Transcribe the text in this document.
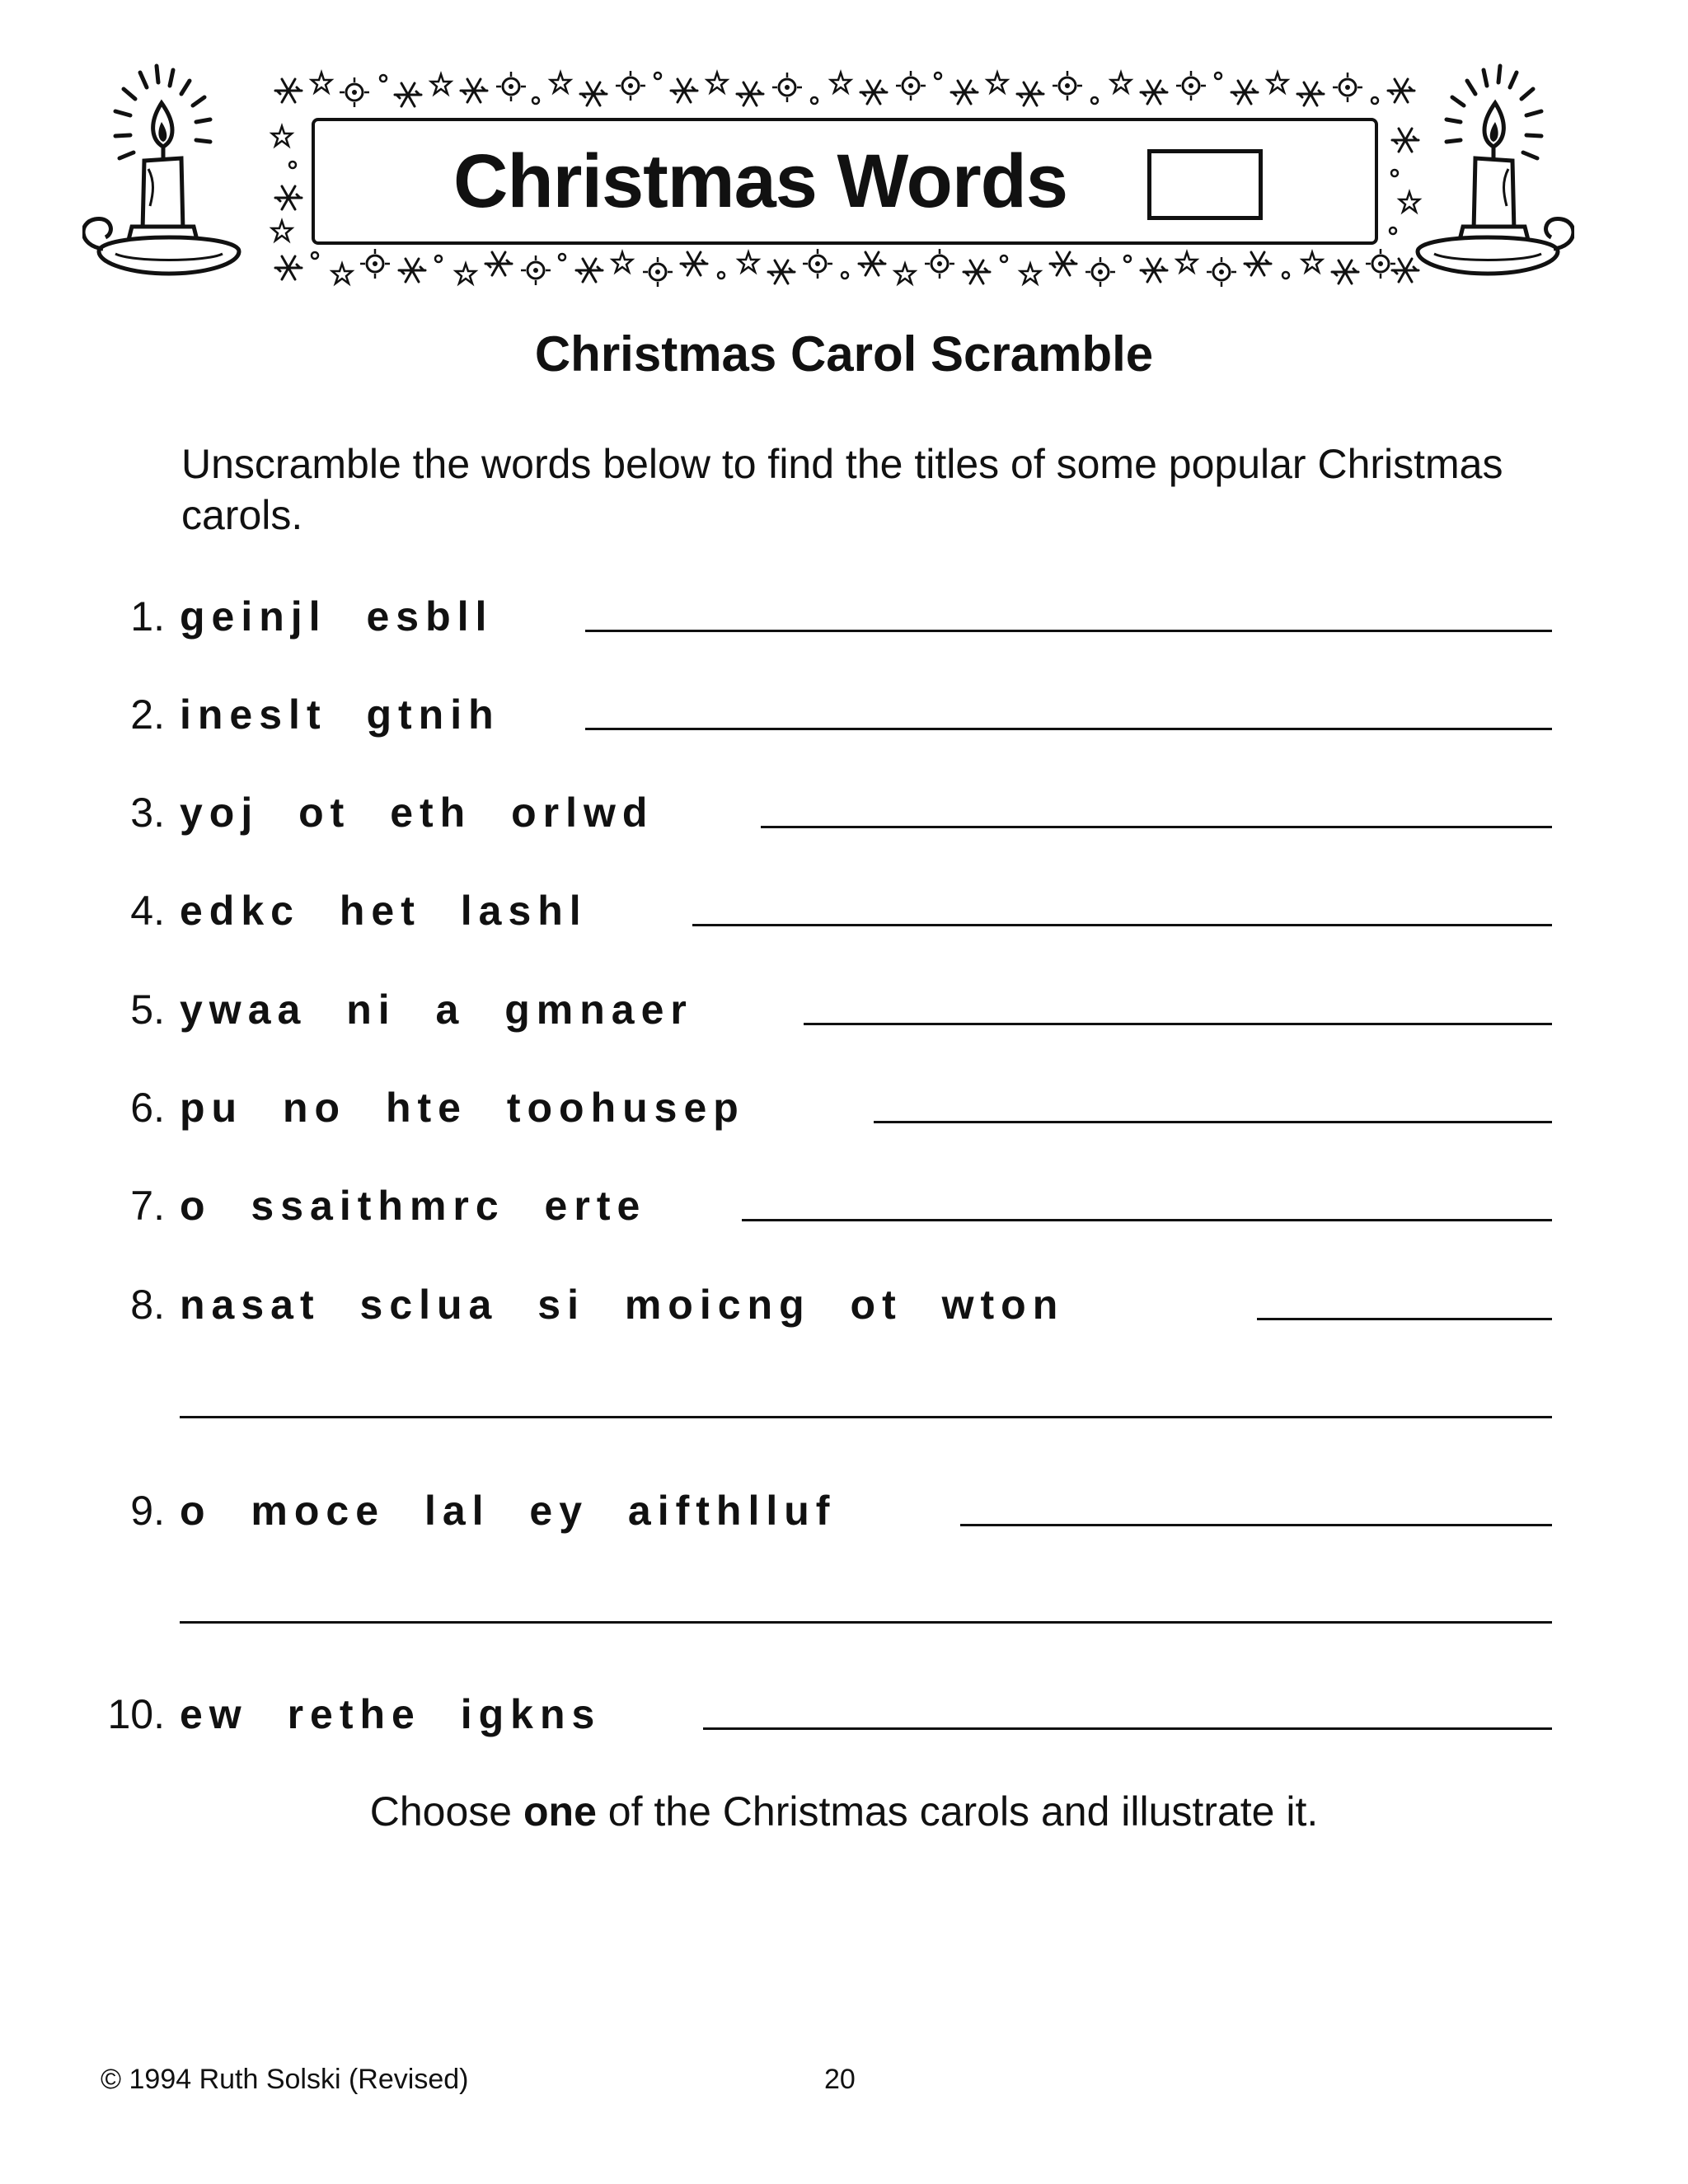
Christmas Words
Christmas Carol Scramble
Unscramble the words below to find the titles of some popular Christmas carols.
1. geinjl esbll
2. ineslt gtnih
3. yoj ot eth orlwd
4. edkc het lashl
5. ywaa ni a gmnaer
6. pu no hte toohusep
7. o ssaithmrc erte
8. nasat sclua si moicng ot wton
9. o moce lal ey aifthlluf
10. ew rethe igkns
Choose one of the Christmas carols and illustrate it.
© 1994 Ruth Solski (Revised)	20
